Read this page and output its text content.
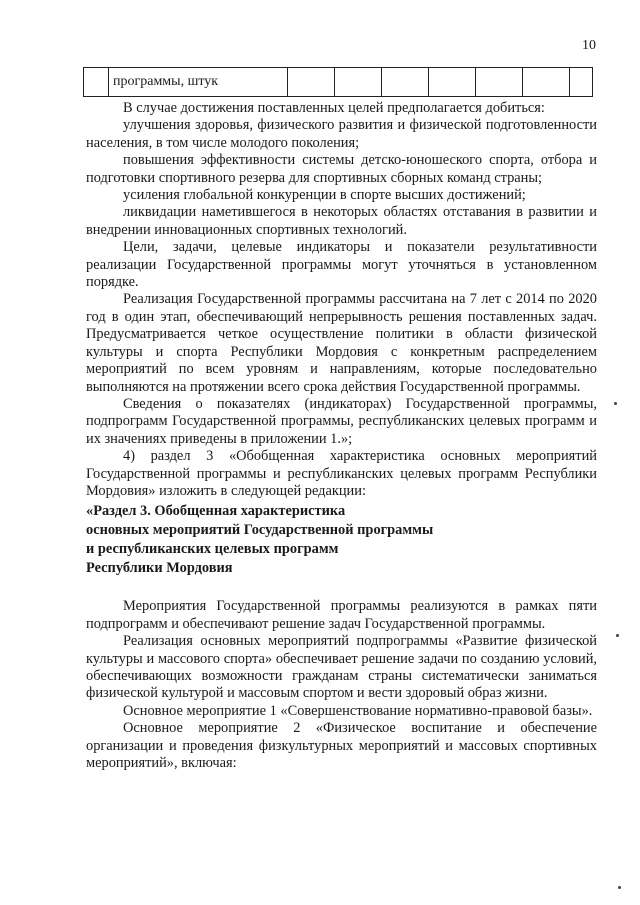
10
	программы, штук							

В случае достижения поставленных целей предполагается добиться:

улучшения здоровья, физического развития и физической подготовленности населения, в том числе молодого поколения;

повышения эффективности системы детско-юношеского спорта, отбора и подготовки спортивного резерва для спортивных сборных команд страны;

усиления глобальной конкуренции в спорте высших достижений;

ликвидации наметившегося в некоторых областях отставания в развитии и внедрении инновационных спортивных технологий.

Цели, задачи, целевые индикаторы и показатели результативности реализации Государственной программы могут уточняться в установленном порядке.

Реализация Государственной программы рассчитана на 7 лет с 2014 по 2020 год в один этап, обеспечивающий непрерывность решения поставленных задач. Предусматривается четкое осуществление политики в области физической культуры и спорта Республики Мордовия с конкретным распределением мероприятий по всем уровням и направлениям, которые последовательно выполняются на протяжении всего срока действия Государственной программы.

Сведения о показателях (индикаторах) Государственной программы, подпрограмм Государственной программы, республиканских целевых программ и их значениях приведены в приложении 1.»;

4) раздел 3 «Обобщенная характеристика основных мероприятий Государственной программы и республиканских целевых программ Республики Мордовия» изложить в следующей редакции:

«Раздел 3. Обобщенная характеристика

основных мероприятий Государственной программы

и республиканских целевых программ

Республики Мордовия

Мероприятия Государственной программы реализуются в рамках пяти подпрограмм и обеспечивают решение задач Государственной программы.

Реализация основных мероприятий подпрограммы «Развитие физической культуры и массового спорта» обеспечивает решение задачи по созданию условий, обеспечивающих возможности гражданам страны систематически заниматься физической культурой и массовым спортом и вести здоровый образ жизни.

Основное мероприятие 1 «Совершенствование нормативно-правовой базы».

Основное мероприятие 2 «Физическое воспитание и обеспечение организации и проведения физкультурных мероприятий и массовых спортивных мероприятий», включая:
